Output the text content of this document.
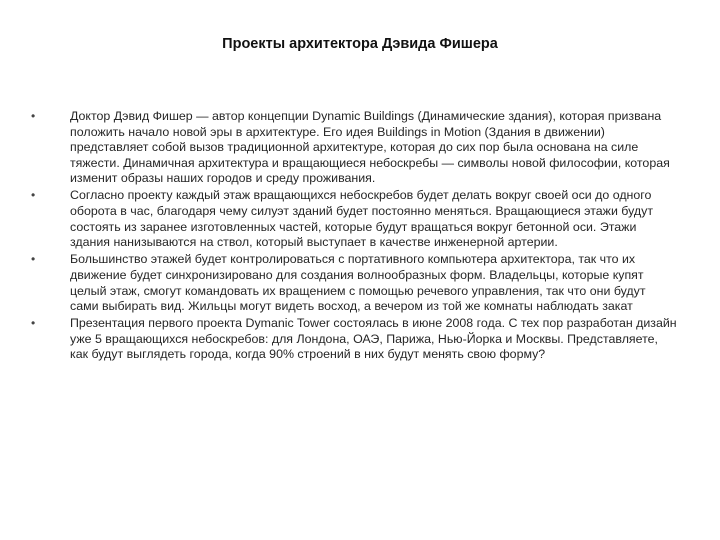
Проекты архитектора Дэвида Фишера
•	Доктор Дэвид Фишер — автор концепции Dynamic Buildings (Динамические здания), которая призвана положить начало новой эры в архитектуре. Его идея Buildings in Motion (Здания в движении) представляет собой вызов традиционной архитектуре, которая до сих пор была основана на силе тяжести. Динамичная архитектура и вращающиеся небоскребы — символы новой философии, которая изменит образы наших городов и среду проживания.
•	Согласно проекту каждый этаж вращающихся небоскребов будет делать вокруг своей оси до одного оборота в час, благодаря чему силуэт зданий будет постоянно меняться. Вращающиеся этажи будут состоять из заранее изготовленных частей, которые будут вращаться вокруг бетонной оси. Этажи здания нанизываются на ствол, который выступает в качестве инженерной артерии.
•	Большинство этажей будет контролироваться с портативного компьютера архитектора, так что их движение будет синхронизировано для создания волнообразных форм. Владельцы, которые купят целый этаж, смогут командовать их вращением с помощью речевого управления, так что они будут сами выбирать вид. Жильцы могут видеть восход, а вечером из той же комнаты наблюдать закат
•	Презентация первого проекта Dymanic Tower состоялась в июне 2008 года. С тех пор разработан дизайн уже 5 вращающихся небоскребов: для Лондона, ОАЭ, Парижа, Нью-Йорка и Москвы. Представляете, как будут выглядеть города, когда 90% строений в них будут менять свою форму?
